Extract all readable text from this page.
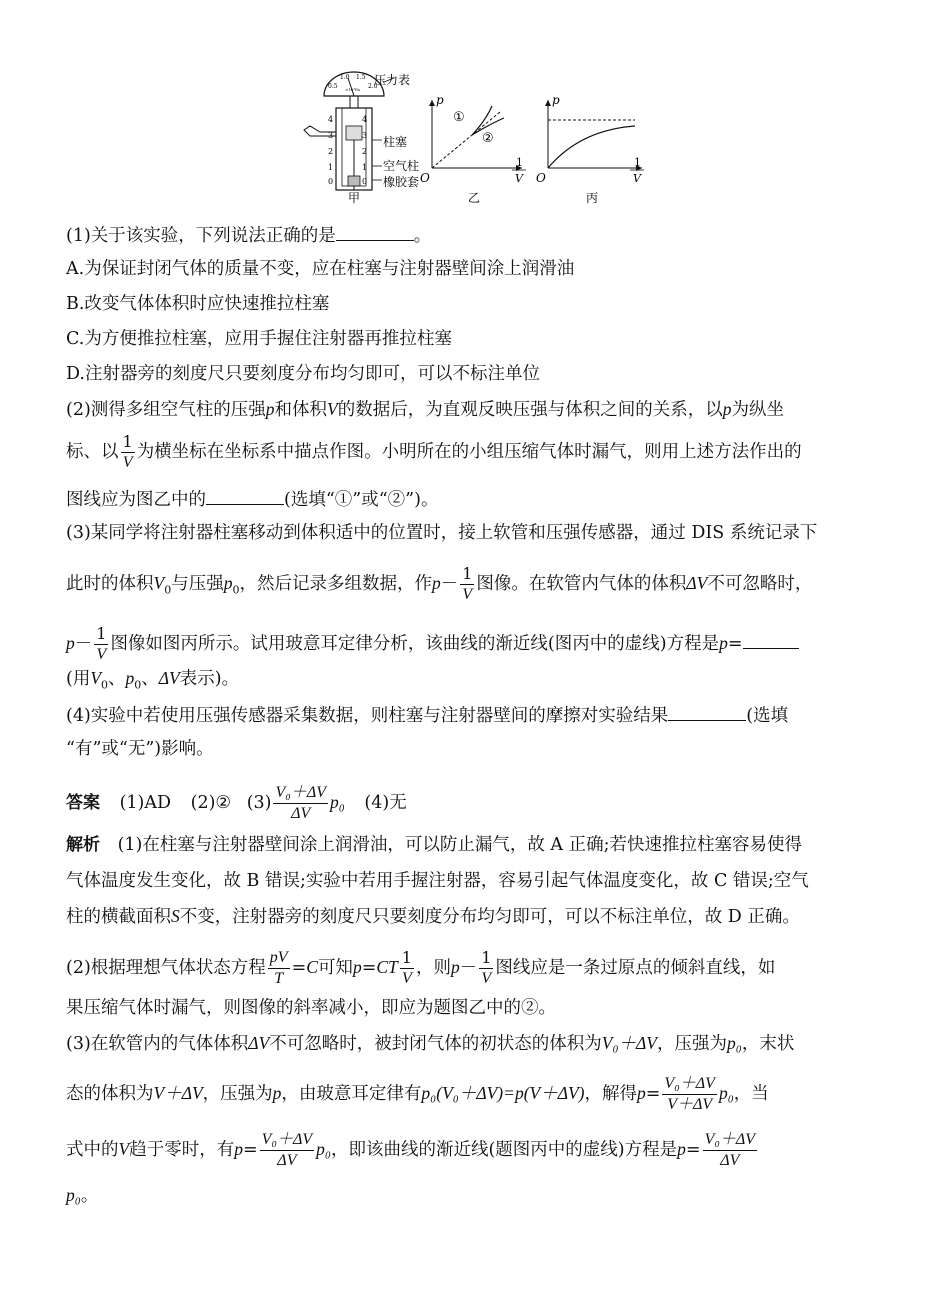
0.5
1.0 1.5
2.0
×10⁵Pa
压力表
4
3
2
1
0
4
3
2
1
0
柱塞
空气柱
橡胶套
甲
p
O
1
V
①
②
乙
p
O
1
V
丙
(1)关于该实验，下列说法正确的是	。
A.为保证封闭气体的质量不变，应在柱塞与注射器壁间涂上润滑油
B.改变气体体积时应快速推拉柱塞
C.为方便推拉柱塞，应用手握住注射器再推拉柱塞
D.注射器旁的刻度尺只要刻度分布均匀即可，可以不标注单位
(2)测得多组空气柱的压强p和体积V的数据后，为直观反映压强与体积之间的关系，以p为纵坐
标、以 $\frac{1}{V}$ 为横坐标在坐标系中描点作图。小明所在的小组压缩气体时漏气，则用上述方法作出的
图线应为图乙中的	(选填“①”或“②”)。
(3)某同学将注射器柱塞移动到体积适中的位置时，接上软管和压强传感器，通过 DIS 系统记录下
此时的体积$V_0$与压强$p_0$，然后记录多组数据，作$p- \frac{1}{V}$ 图像。在软管内气体的体积ΔV不可忽略时，
$p- \frac{1}{V}$ 图像如图丙所示。试用玻意耳定律分析，该曲线的渐近线(图丙中的虚线)方程是p=
(用$V_0$、$p_0$、ΔV表示)。
(4)实验中若使用压强传感器采集数据，则柱塞与注射器壁间的摩擦对实验结果	(选填
“有”或“无”)影响。
答案 (1)AD (2)② $(3) \frac{\text{V₀＋ΔV}}{\Delta V} p_0$ (4)无
解析 (1)在柱塞与注射器壁间涂上润滑油，可以防止漏气，故 A 正确;若快速推拉柱塞容易使得
气体温度发生变化，故 B 错误;实验中若用手握注射器，容易引起气体温度变化，故 C 错误;空气
柱的横截面积S不变，注射器旁的刻度尺只要刻度分布均匀即可，可以不标注单位，故 D 正确。
(2)根据理想气体状态方程 $\frac{pV}{T} =C$可知$p=CT \frac{1}{V}$ ，则$p- \frac{1}{V}$ 图线应是一条过原点的倾斜直线，如
果压缩气体时漏气，则图像的斜率减小，即应为题图乙中的②。
(3)在软管内的气体体积ΔV不可忽略时，被封闭气体的初状态的体积为V₀＋ΔV，压强为p₀，末状
态的体积为V＋ΔV，压强为p，由玻意耳定律有p₀(V₀＋ΔV)=p(V＋ΔV)，解得$p= \frac{\text{V₀＋ΔV}}{V+\Delta V} p_0$，当
式中的V趋于零时，有$p= \frac{\text{V₀＋ΔV}}{\Delta V} p_0$，即该曲线的渐近线(题图丙中的虚线)方程是$p= \frac{\text{V₀＋ΔV}}{\Delta V}$
p₀。
